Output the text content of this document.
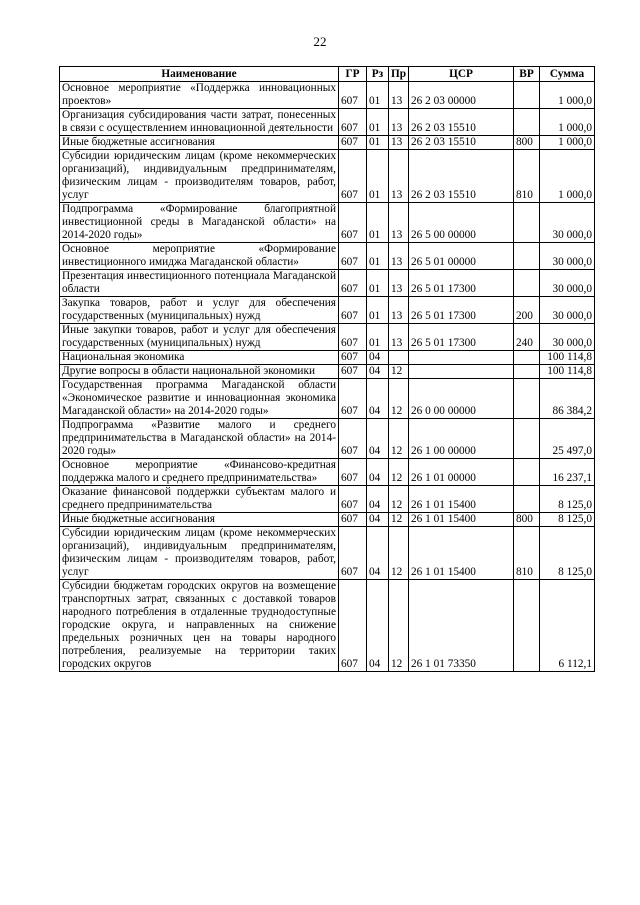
22
Наименование	ГР	Рз	Пр	ЦСР	ВР	Сумма
Основное мероприятие «Поддержка инновационных проектов»	607	01	13	26 2 03 00000		1 000,0
Организация субсидирования части затрат, понесенных в связи с осуществлением инновационной деятельности	607	01	13	26 2 03 15510		1 000,0
Иные бюджетные ассигнования	607	01	13	26 2 03 15510	800	1 000,0
Субсидии юридическим лицам (кроме некоммерческих организаций), индивидуальным предпринимателям, физическим лицам - производителям товаров, работ, услуг	607	01	13	26 2 03 15510	810	1 000,0
Подпрограмма «Формирование благоприятной инвестиционной среды в Магаданской области» на 2014-2020 годы»	607	01	13	26 5 00 00000		30 000,0
Основное мероприятие «Формирование инвестиционного имиджа Магаданской области»	607	01	13	26 5 01 00000		30 000,0
Презентация инвестиционного потенциала Магаданской области	607	01	13	26 5 01 17300		30 000,0
Закупка товаров, работ и услуг для обеспечения государственных (муниципальных) нужд	607	01	13	26 5 01 17300	200	30 000,0
Иные закупки товаров, работ и услуг для обеспечения государственных (муниципальных) нужд	607	01	13	26 5 01 17300	240	30 000,0
Национальная экономика	607	04				100 114,8
Другие вопросы в области национальной экономики	607	04	12			100 114,8
Государственная программа Магаданской области «Экономическое развитие и инновационная экономика Магаданской области» на 2014-2020 годы»	607	04	12	26 0 00 00000		86 384,2
Подпрограмма «Развитие малого и среднего предпринимательства в Магаданской области» на 2014-2020 годы»	607	04	12	26 1 00 00000		25 497,0
Основное мероприятие «Финансово-кредитная поддержка малого и среднего предпринимательства»	607	04	12	26 1 01 00000		16 237,1
Оказание финансовой поддержки субъектам малого и среднего предпринимательства	607	04	12	26 1 01 15400		8 125,0
Иные бюджетные ассигнования	607	04	12	26 1 01 15400	800	8 125,0
Субсидии юридическим лицам (кроме некоммерческих организаций), индивидуальным предпринимателям, физическим лицам - производителям товаров, работ, услуг	607	04	12	26 1 01 15400	810	8 125,0
Субсидии бюджетам городских округов на возмещение транспортных затрат, связанных с доставкой товаров народного потребления в отдаленные труднодоступные городские округа, и направленных на снижение предельных розничных цен на товары народного потребления, реализуемые на территории таких городских округов	607	04	12	26 1 01 73350		6 112,1
